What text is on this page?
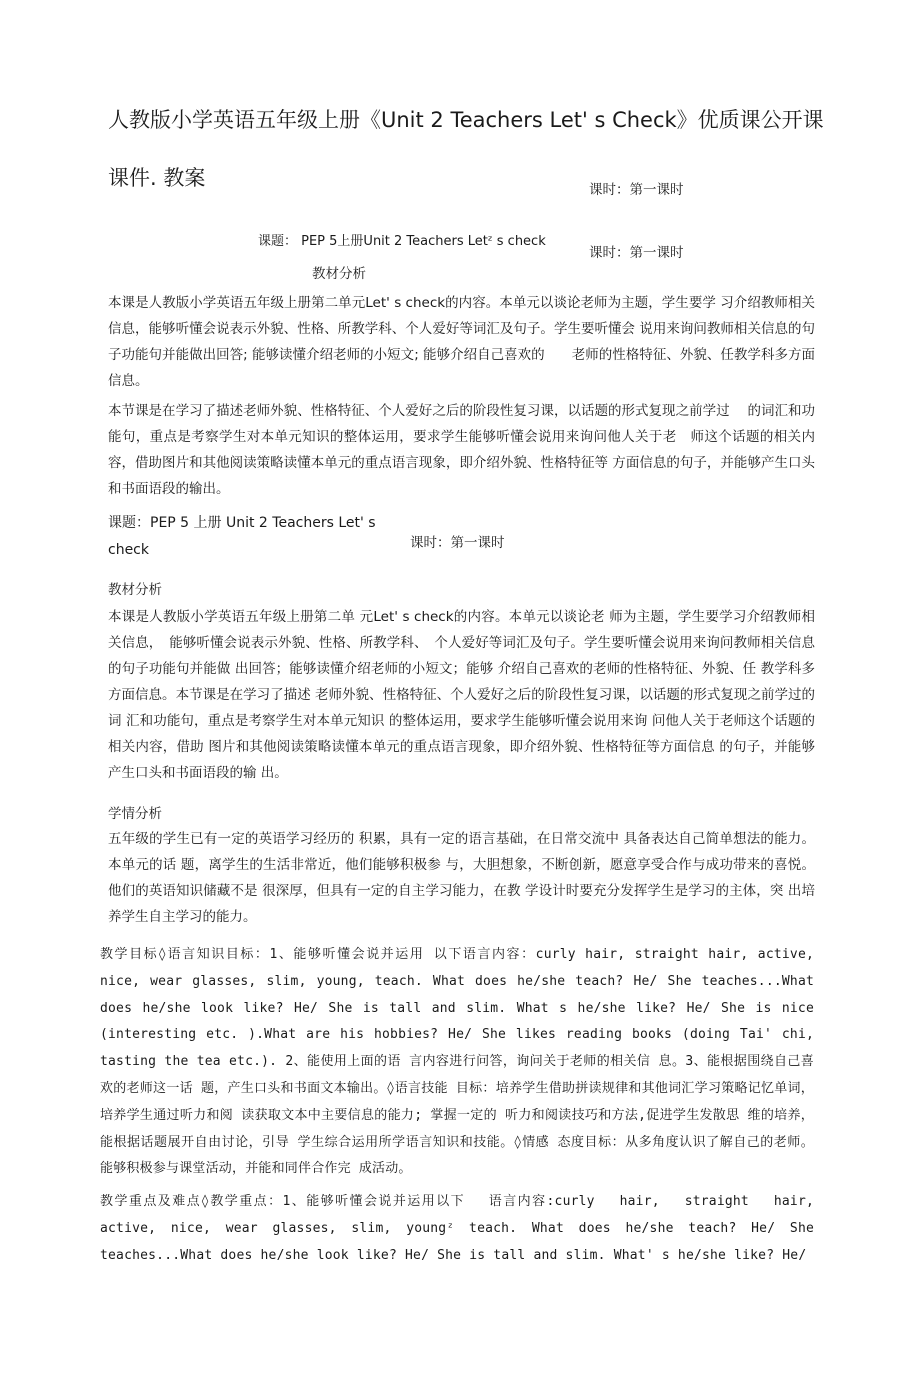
人教版小学英语五年级上册《Unit 2 Teachers Let' s Check》优质课公开课
课件. 教案	课时：第一课时
课题： PEP 5上册Unit 2 Teachers Letᶻ s check
课时：第一课时
教材分析
本课是人教版小学英语五年级上册第二单元Let' s check的内容。本单元以谈论老师为主题，学生要学 习介绍教师相关信息，能够听懂会说表示外貌、性格、所教学科、个人爱好等词汇及句子。学生要听懂会 说用来询问教师相关信息的句子功能句并能做出回答; 能够读懂介绍老师的小短文; 能够介绍自己喜欢的　　老师的性格特征、外貌、任教学科多方面信息。
本节课是在学习了描述老师外貌、性格特征、个人爱好之后的阶段性复习课，以话题的形式复现之前学过　 的词汇和功能句，重点是考察学生对本单元知识的整体运用，要求学生能够听懂会说用来询问他人关于老　师这个话题的相关内容，借助图片和其他阅读策略读懂本单元的重点语言现象，即介绍外貌、性格特征等 方面信息的句子，并能够产生口头和书面语段的输出。
课题：PEP 5 上册 Unit 2 Teachers Let' s
check	课时：第一课时
教材分析
本课是人教版小学英语五年级上册第二单 元Let' s check的内容。本单元以谈论老 师为主题，学生要学习介绍教师相关信息，　能够听懂会说表示外貌、性格、所教学科、　个人爱好等词汇及句子。学生要听懂会说用来询问教师相关信息的句子功能句并能做 出回答；能够读懂介绍老师的小短文；能够 介绍自己喜欢的老师的性格特征、外貌、任 教学科多方面信息。本节课是在学习了描述 老师外貌、性格特征、个人爱好之后的阶段性复习课，以话题的形式复现之前学过的词 汇和功能句，重点是考察学生对本单元知识 的整体运用，要求学生能够听懂会说用来询 问他人关于老师这个话题的相关内容，借助 图片和其他阅读策略读懂本单元的重点语言现象，即介绍外貌、性格特征等方面信息 的句子，并能够产生口头和书面语段的输 出。
学情分析
五年级的学生已有一定的英语学习经历的 积累，具有一定的语言基础，在日常交流中 具备表达自己简单想法的能力。本单元的话 题，离学生的生活非常近，他们能够积极参 与，大胆想象，不断创新，愿意享受合作与成功带来的喜悦。他们的英语知识储藏不是 很深厚，但具有一定的自主学习能力，在教 学设计时要充分发挥学生是学习的主体，突 出培养学生自主学习的能力。
教学目标◊语言知识目标：1、能够听懂会说并运用 以下语言内容：curly hair, straight hair, active, nice, wear glasses, slim, young, teach. What does he/she teach? He/ She teaches...What does he/she look like? He/ She is tall and slim. What s he/she like? He/ She is nice (interesting etc. ).What are his hobbies? He/ She likes reading books (doing Tai' chi, tasting the tea etc.). 2、能使用上面的语 言内容进行问答，询问关于老师的相关信 息。3、能根据围绕自己喜欢的老师这一话 题，产生口头和书面文本输出。◊语言技能 目标：培养学生借助拼读规律和其他词汇学习策略记忆单词，培养学生通过听力和阅 读获取文本中主要信息的能力; 掌握一定的 听力和阅读技巧和方法,促进学生发散思 维的培养，能根据话题展开自由讨论，引导 学生综合运用所学语言知识和技能。◊情感 态度目标：从多角度认识了解自己的老师。 能够积极参与课堂活动，并能和同伴合作完 成活动。
教学重点及难点◊教学重点：1、能够听懂会说并运用以下　 语言内容:curly　 hair,　 straight　 hair, active, nice, wear glasses, slim, youngᶻ teach. What does he/she teach? He/ She teaches...What does he/she look like? He/ She is tall and slim. What' s he/she like? He/
